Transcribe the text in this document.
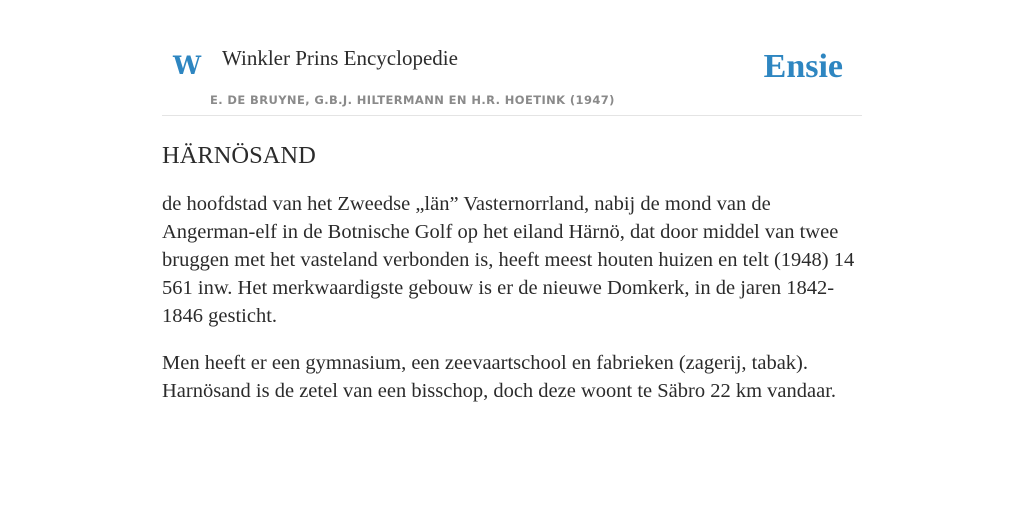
W Winkler Prins Encyclopedie
E. DE BRUYNE, G.B.J. HILTERMANN EN H.R. HOETINK (1947)
Ensie
HÄRNÖSAND

de hoofdstad van het Zweedse „län” Vasternorrland, nabij de mond van de Angerman-elf in de Botnische Golf op het eiland Härnö, dat door middel van twee bruggen met het vasteland verbonden is, heeft meest houten huizen en telt (1948) 14 561 inw. Het merkwaardigste gebouw is er de nieuwe Domkerk, in de jaren 1842-1846 gesticht.

Men heeft er een gymnasium, een zeevaartschool en fabrieken (zagerij, tabak). Harnösand is de zetel van een bisschop, doch deze woont te Säbro 22 km vandaar.
